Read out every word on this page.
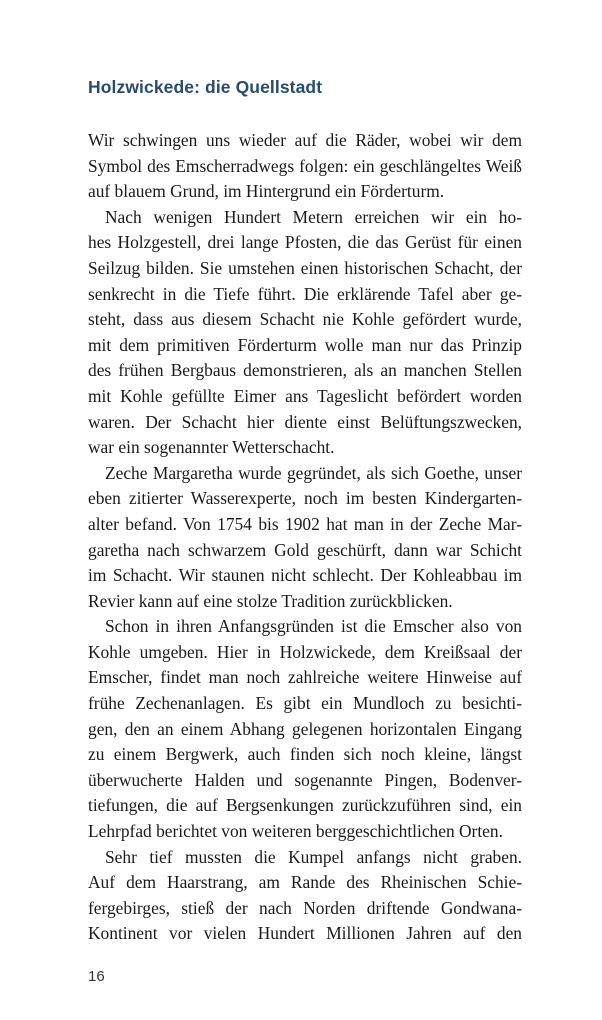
Holzwickede: die Quellstadt

Wir schwingen uns wieder auf die Räder, wobei wir dem
Symbol des Emscherradwegs folgen: ein geschlängeltes Weiß
auf blauem Grund, im Hintergrund ein Förderturm.

Nach wenigen Hundert Metern erreichen wir ein ho-
hes Holzgestell, drei lange Pfosten, die das Gerüst für einen
Seilzug bilden. Sie umstehen einen historischen Schacht, der
senkrecht in die Tiefe führt. Die erklärende Tafel aber ge-
steht, dass aus diesem Schacht nie Kohle gefördert wurde,
mit dem primitiven Förderturm wolle man nur das Prinzip
des frühen Bergbaus demonstrieren, als an manchen Stellen
mit Kohle gefüllte Eimer ans Tageslicht befördert worden
waren. Der Schacht hier diente einst Belüftungszwecken,
war ein sogenannter Wetterschacht.

Zeche Margaretha wurde gegründet, als sich Goethe, unser
eben zitierter Wasserexperte, noch im besten Kindergarten-
alter befand. Von 1754 bis 1902 hat man in der Zeche Mar-
garetha nach schwarzem Gold geschürft, dann war Schicht
im Schacht. Wir staunen nicht schlecht. Der Kohleabbau im
Revier kann auf eine stolze Tradition zurückblicken.

Schon in ihren Anfangsgründen ist die Emscher also von
Kohle umgeben. Hier in Holzwickede, dem Kreißsaal der
Emscher, findet man noch zahlreiche weitere Hinweise auf
frühe Zechenanlagen. Es gibt ein Mundloch zu besichti-
gen, den an einem Abhang gelegenen horizontalen Eingang
zu einem Bergwerk, auch finden sich noch kleine, längst
überwucherte Halden und sogenannte Pingen, Bodenver-
tiefungen, die auf Bergsenkungen zurückzuführen sind, ein
Lehrpfad berichtet von weiteren berggeschichtlichen Orten.

Sehr tief mussten die Kumpel anfangs nicht graben.
Auf dem Haarstrang, am Rande des Rheinischen Schie-
fergebirges, stieß der nach Norden driftende Gondwana-
Kontinent vor vielen Hundert Millionen Jahren auf den

16
